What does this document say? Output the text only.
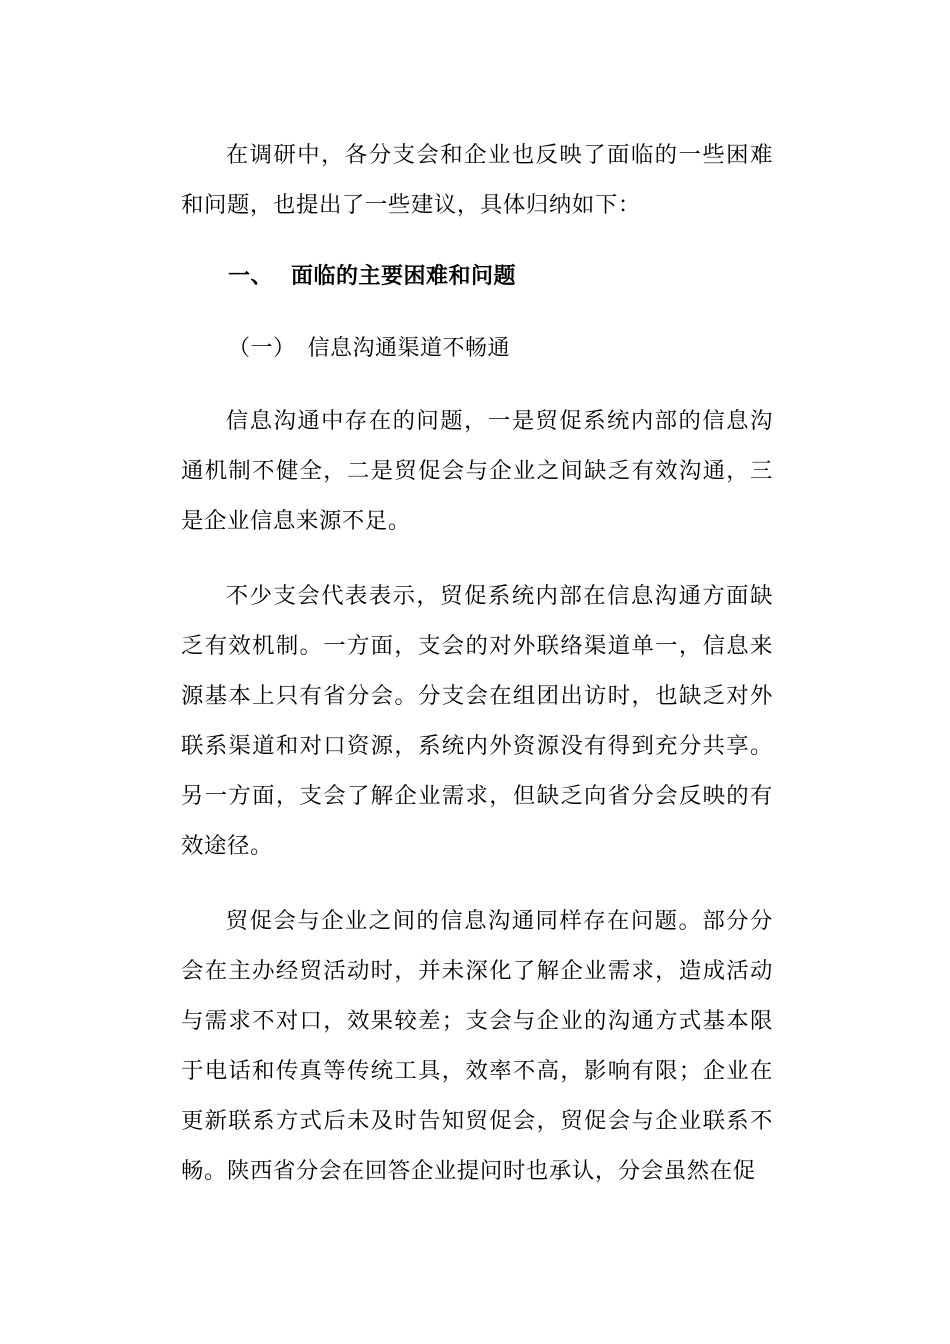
在调研中，各分支会和企业也反映了面临的一些困难和问题，也提出了一些建议，具体归纳如下：

一、 面临的主要困难和问题
（一） 信息沟通渠道不畅通

信息沟通中存在的问题，一是贸促系统内部的信息沟通机制不健全，二是贸促会与企业之间缺乏有效沟通，三是企业信息来源不足。

不少支会代表表示，贸促系统内部在信息沟通方面缺乏有效机制。一方面，支会的对外联络渠道单一，信息来源基本上只有省分会。分支会在组团出访时，也缺乏对外联系渠道和对口资源，系统内外资源没有得到充分共享。另一方面，支会了解企业需求，但缺乏向省分会反映的有效途径。

贸促会与企业之间的信息沟通同样存在问题。部分分会在主办经贸活动时，并未深化了解企业需求，造成活动与需求不对口，效果较差；支会与企业的沟通方式基本限于电话和传真等传统工具，效率不高，影响有限；企业在更新联系方式后未及时告知贸促会，贸促会与企业联系不畅。陕西省分会在回答企业提问时也承认，分会虽然在促
